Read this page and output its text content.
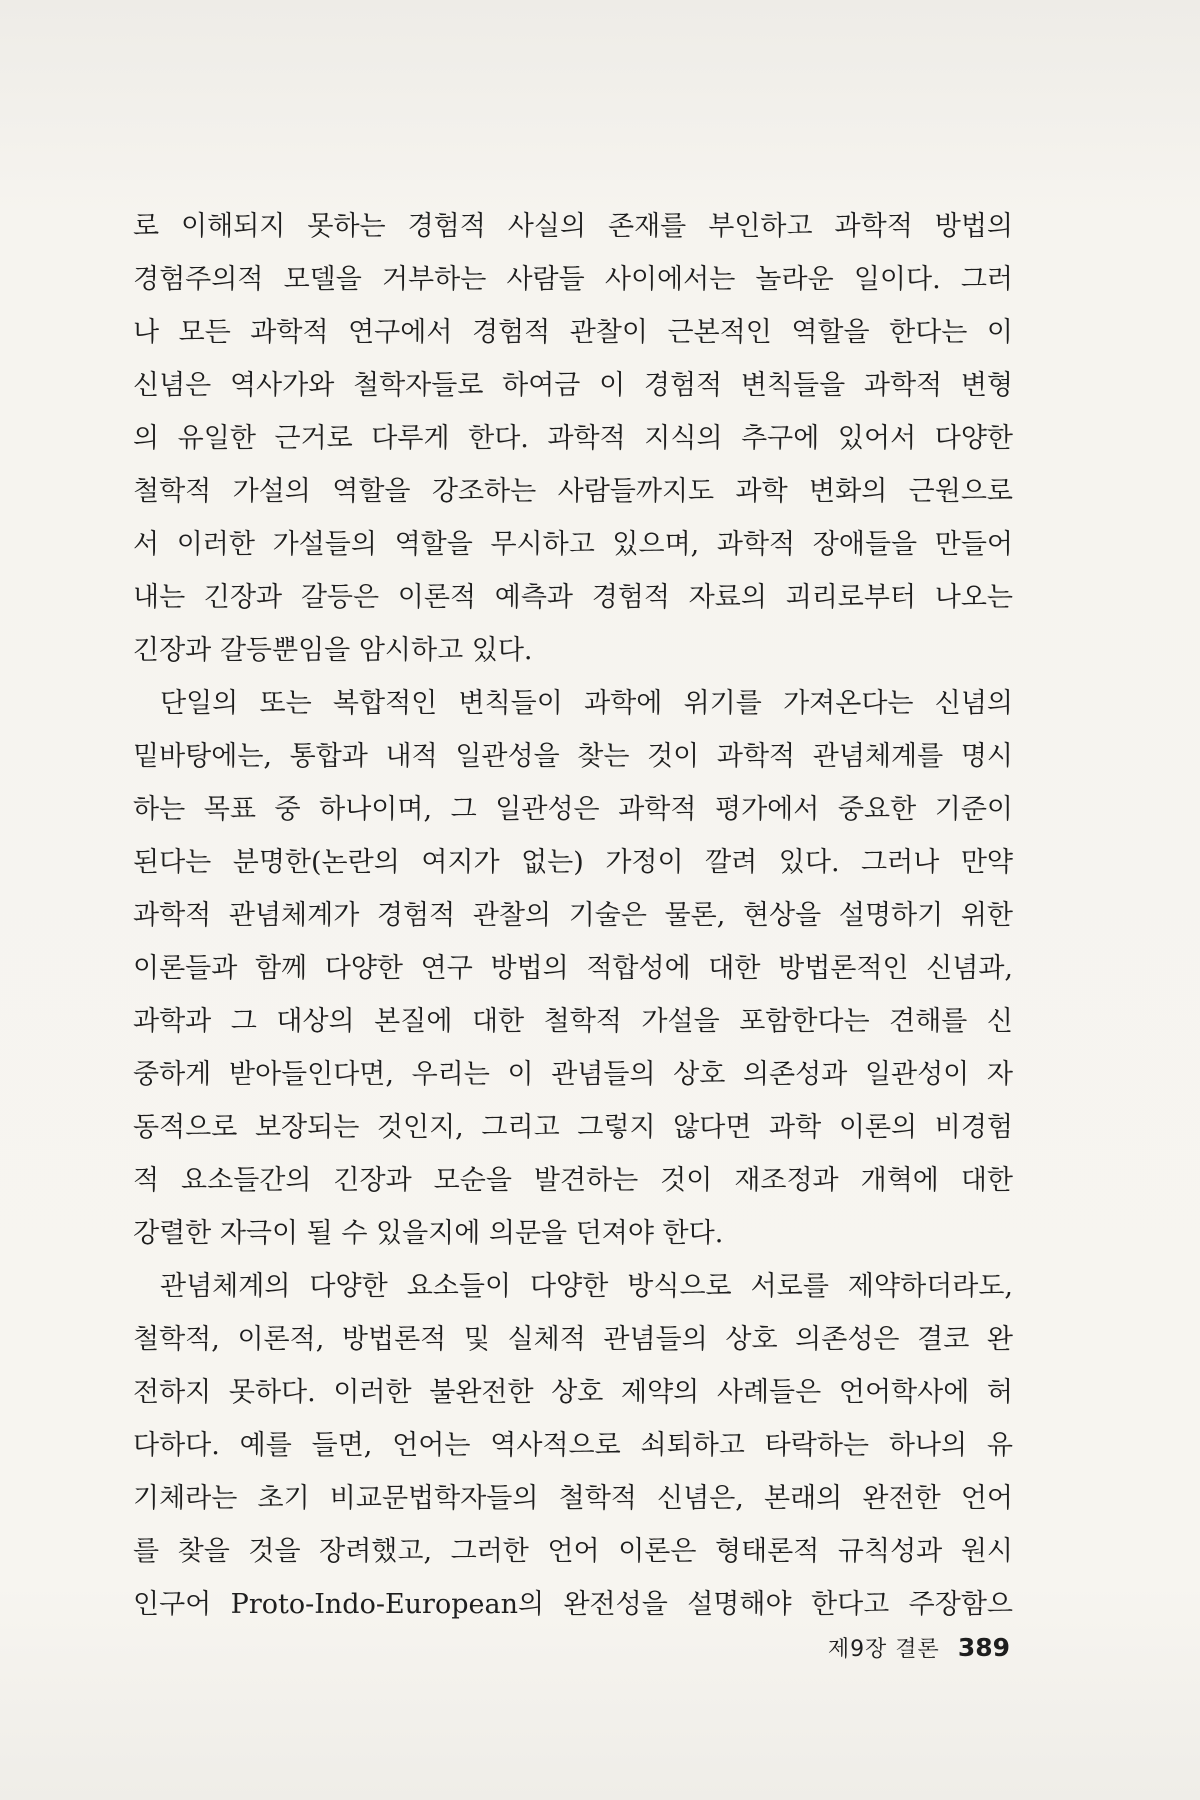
로 이해되지 못하는 경험적 사실의 존재를 부인하고 과학적 방법의
경험주의적 모델을 거부하는 사람들 사이에서는 놀라운 일이다. 그러
나 모든 과학적 연구에서 경험적 관찰이 근본적인 역할을 한다는 이
신념은 역사가와 철학자들로 하여금 이 경험적 변칙들을 과학적 변형
의 유일한 근거로 다루게 한다. 과학적 지식의 추구에 있어서 다양한
철학적 가설의 역할을 강조하는 사람들까지도 과학 변화의 근원으로
서 이러한 가설들의 역할을 무시하고 있으며, 과학적 장애들을 만들어
내는 긴장과 갈등은 이론적 예측과 경험적 자료의 괴리로부터 나오는
긴장과 갈등뿐임을 암시하고 있다.
단일의 또는 복합적인 변칙들이 과학에 위기를 가져온다는 신념의
밑바탕에는, 통합과 내적 일관성을 찾는 것이 과학적 관념체계를 명시
하는 목표 중 하나이며, 그 일관성은 과학적 평가에서 중요한 기준이
된다는 분명한(논란의 여지가 없는) 가정이 깔려 있다. 그러나 만약
과학적 관념체계가 경험적 관찰의 기술은 물론, 현상을 설명하기 위한
이론들과 함께 다양한 연구 방법의 적합성에 대한 방법론적인 신념과,
과학과 그 대상의 본질에 대한 철학적 가설을 포함한다는 견해를 신
중하게 받아들인다면, 우리는 이 관념들의 상호 의존성과 일관성이 자
동적으로 보장되는 것인지, 그리고 그렇지 않다면 과학 이론의 비경험
적 요소들간의 긴장과 모순을 발견하는 것이 재조정과 개혁에 대한
강렬한 자극이 될 수 있을지에 의문을 던져야 한다.
관념체계의 다양한 요소들이 다양한 방식으로 서로를 제약하더라도,
철학적, 이론적, 방법론적 및 실체적 관념들의 상호 의존성은 결코 완
전하지 못하다. 이러한 불완전한 상호 제약의 사례들은 언어학사에 허
다하다. 예를 들면, 언어는 역사적으로 쇠퇴하고 타락하는 하나의 유
기체라는 초기 비교문법학자들의 철학적 신념은, 본래의 완전한 언어
를 찾을 것을 장려했고, 그러한 언어 이론은 형태론적 규칙성과 원시
인구어 Proto-Indo-European의 완전성을 설명해야 한다고 주장함으
제9장 결론 389
